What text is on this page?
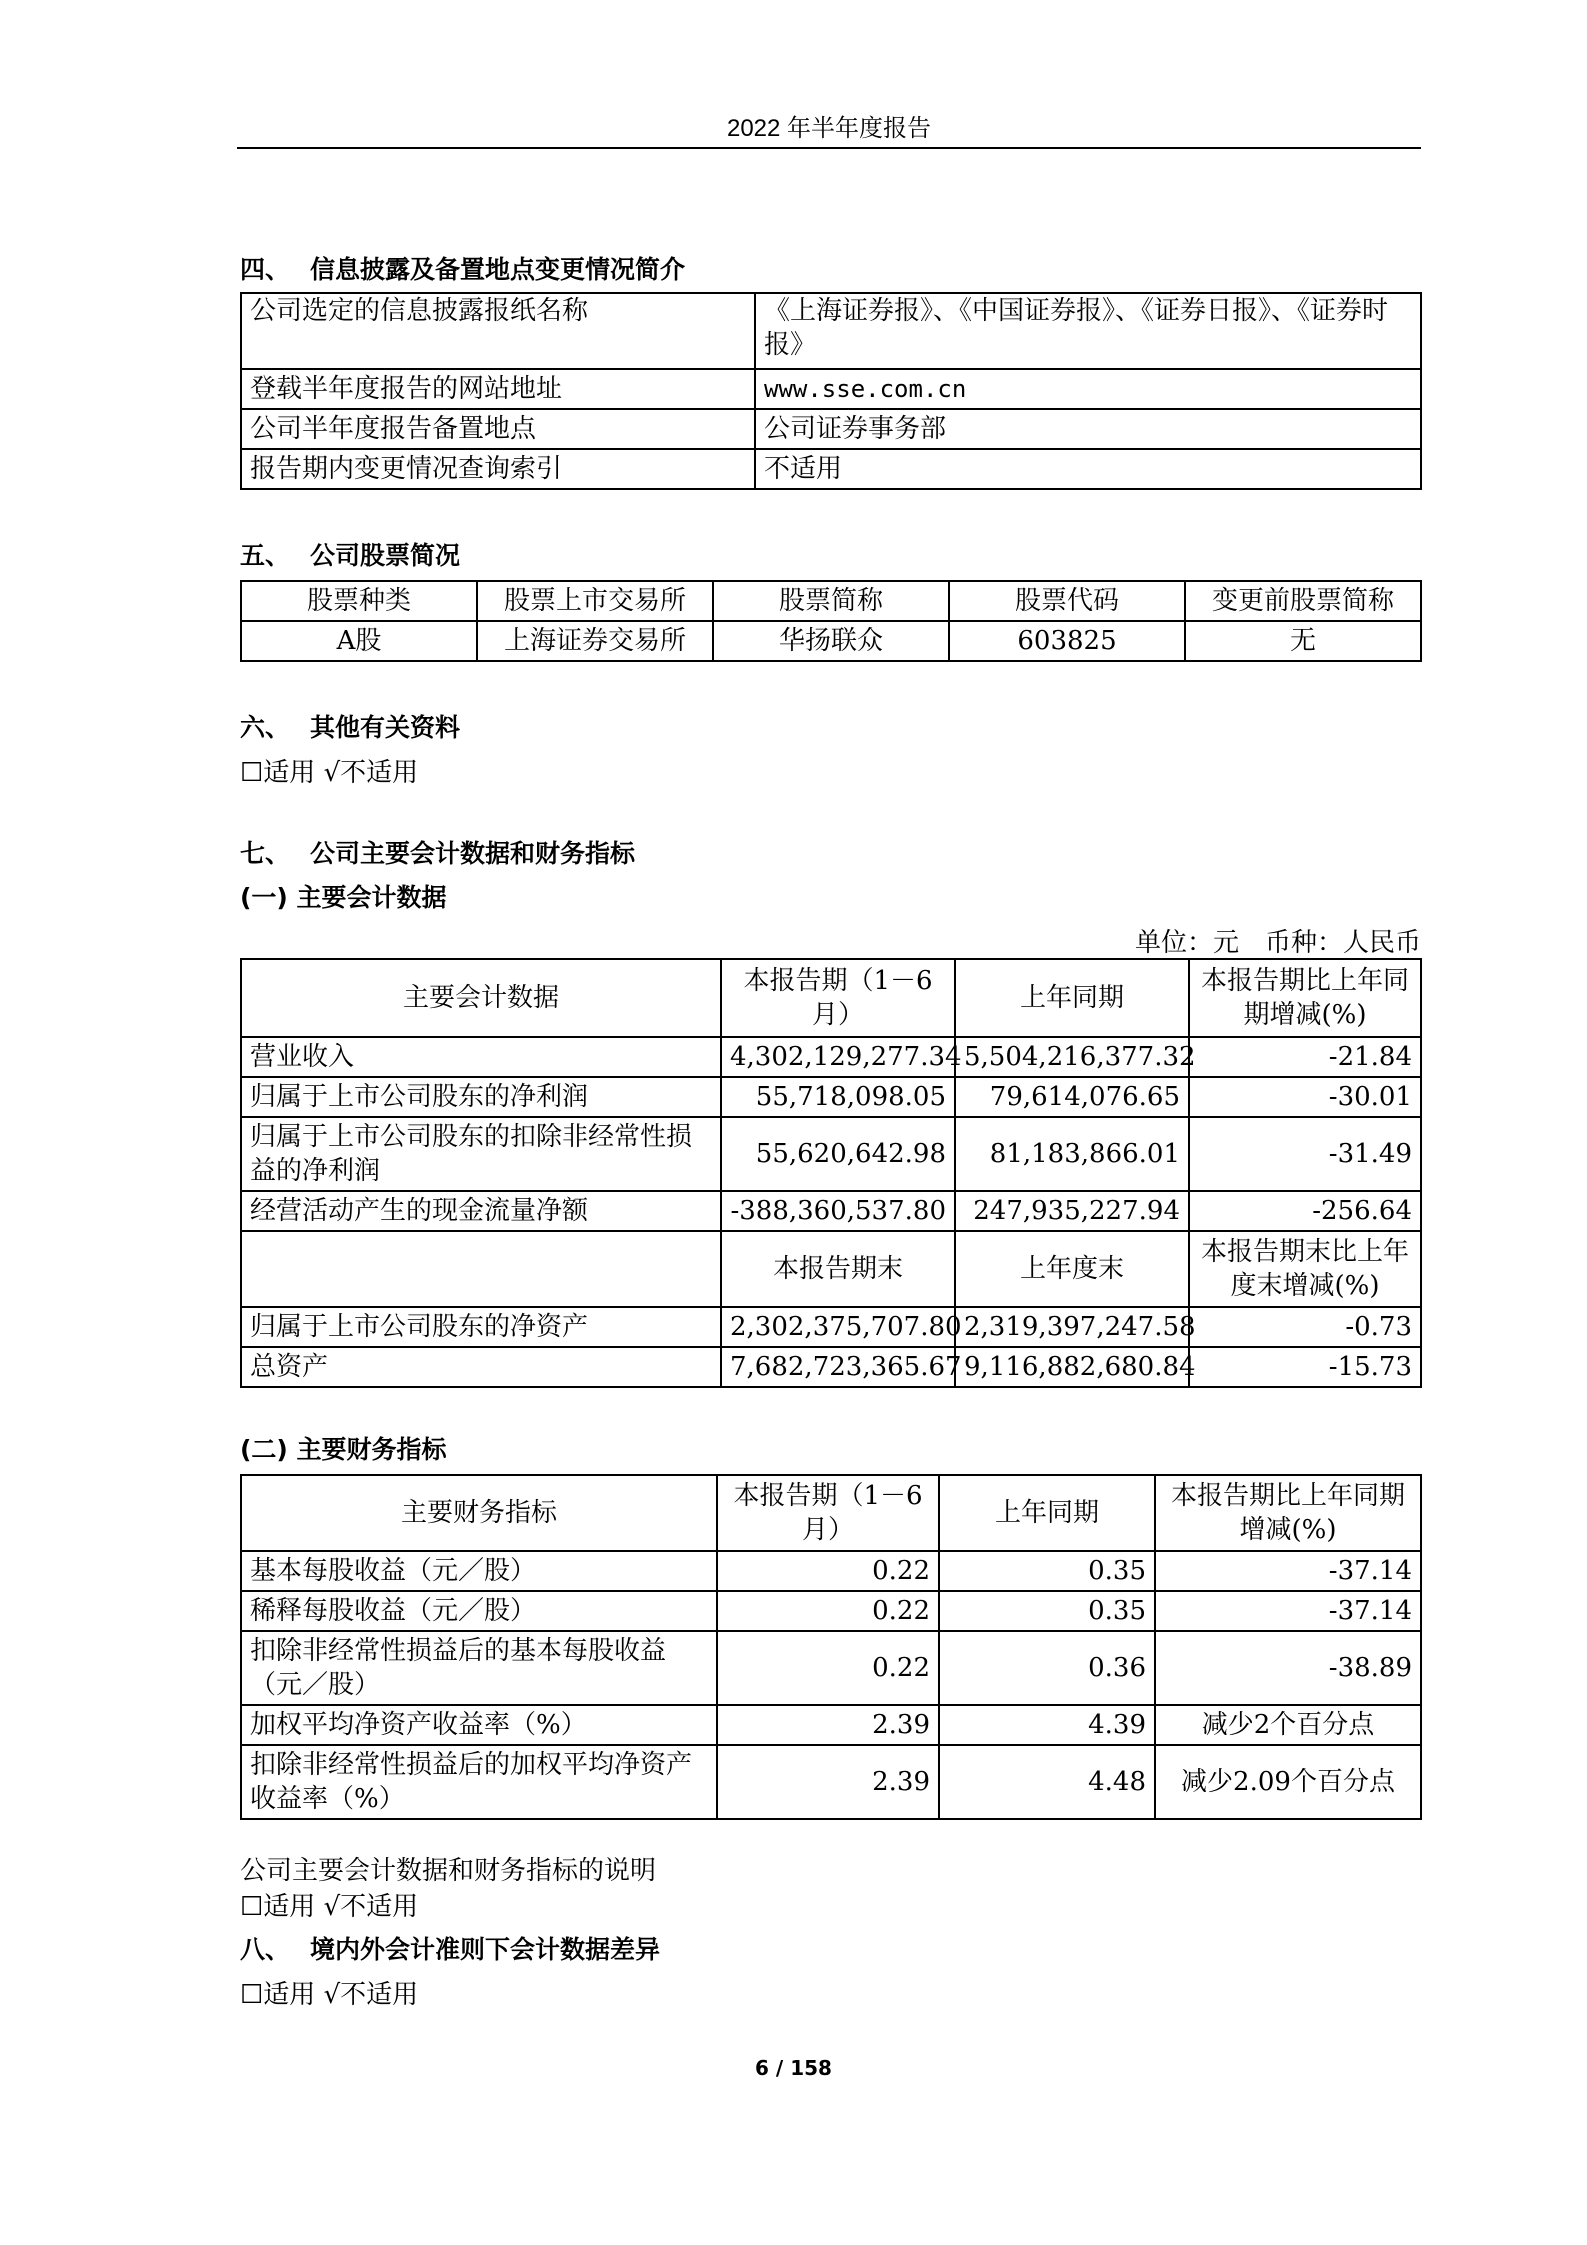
2022 年半年度报告
四、 信息披露及备置地点变更情况简介
公司选定的信息披露报纸名称	《上海证券报》、《中国证券报》、《证券日报》、《证券时报》
登载半年度报告的网站地址	www.sse.com.cn
公司半年度报告备置地点	公司证券事务部
报告期内变更情况查询索引	不适用
五、 公司股票简况
股票种类	股票上市交易所	股票简称	股票代码	变更前股票简称
A股	上海证券交易所	华扬联众	603825	无
六、 其他有关资料
☐适用 √不适用
七、 公司主要会计数据和财务指标
(一) 主要会计数据
单位：元　币种：人民币
主要会计数据	本报告期（1－6月）	上年同期	本报告期比上年同期增减(%)
营业收入	4,302,129,277.34	5,504,216,377.32	-21.84
归属于上市公司股东的净利润	55,718,098.05	79,614,076.65	-30.01
归属于上市公司股东的扣除非经常性损益的净利润	55,620,642.98	81,183,866.01	-31.49
经营活动产生的现金流量净额	-388,360,537.80	247,935,227.94	-256.64
	本报告期末	上年度末	本报告期末比上年度末增减(%)
归属于上市公司股东的净资产	2,302,375,707.80	2,319,397,247.58	-0.73
总资产	7,682,723,365.67	9,116,882,680.84	-15.73
(二) 主要财务指标
主要财务指标	本报告期（1－6月）	上年同期	本报告期比上年同期增减(%)
基本每股收益（元／股）	0.22	0.35	-37.14
稀释每股收益（元／股）	0.22	0.35	-37.14
扣除非经常性损益后的基本每股收益（元／股）	0.22	0.36	-38.89
加权平均净资产收益率（%）	2.39	4.39	减少2个百分点
扣除非经常性损益后的加权平均净资产收益率（%）	2.39	4.48	减少2.09个百分点
公司主要会计数据和财务指标的说明
☐适用 √不适用
八、 境内外会计准则下会计数据差异
☐适用 √不适用
6 / 158
